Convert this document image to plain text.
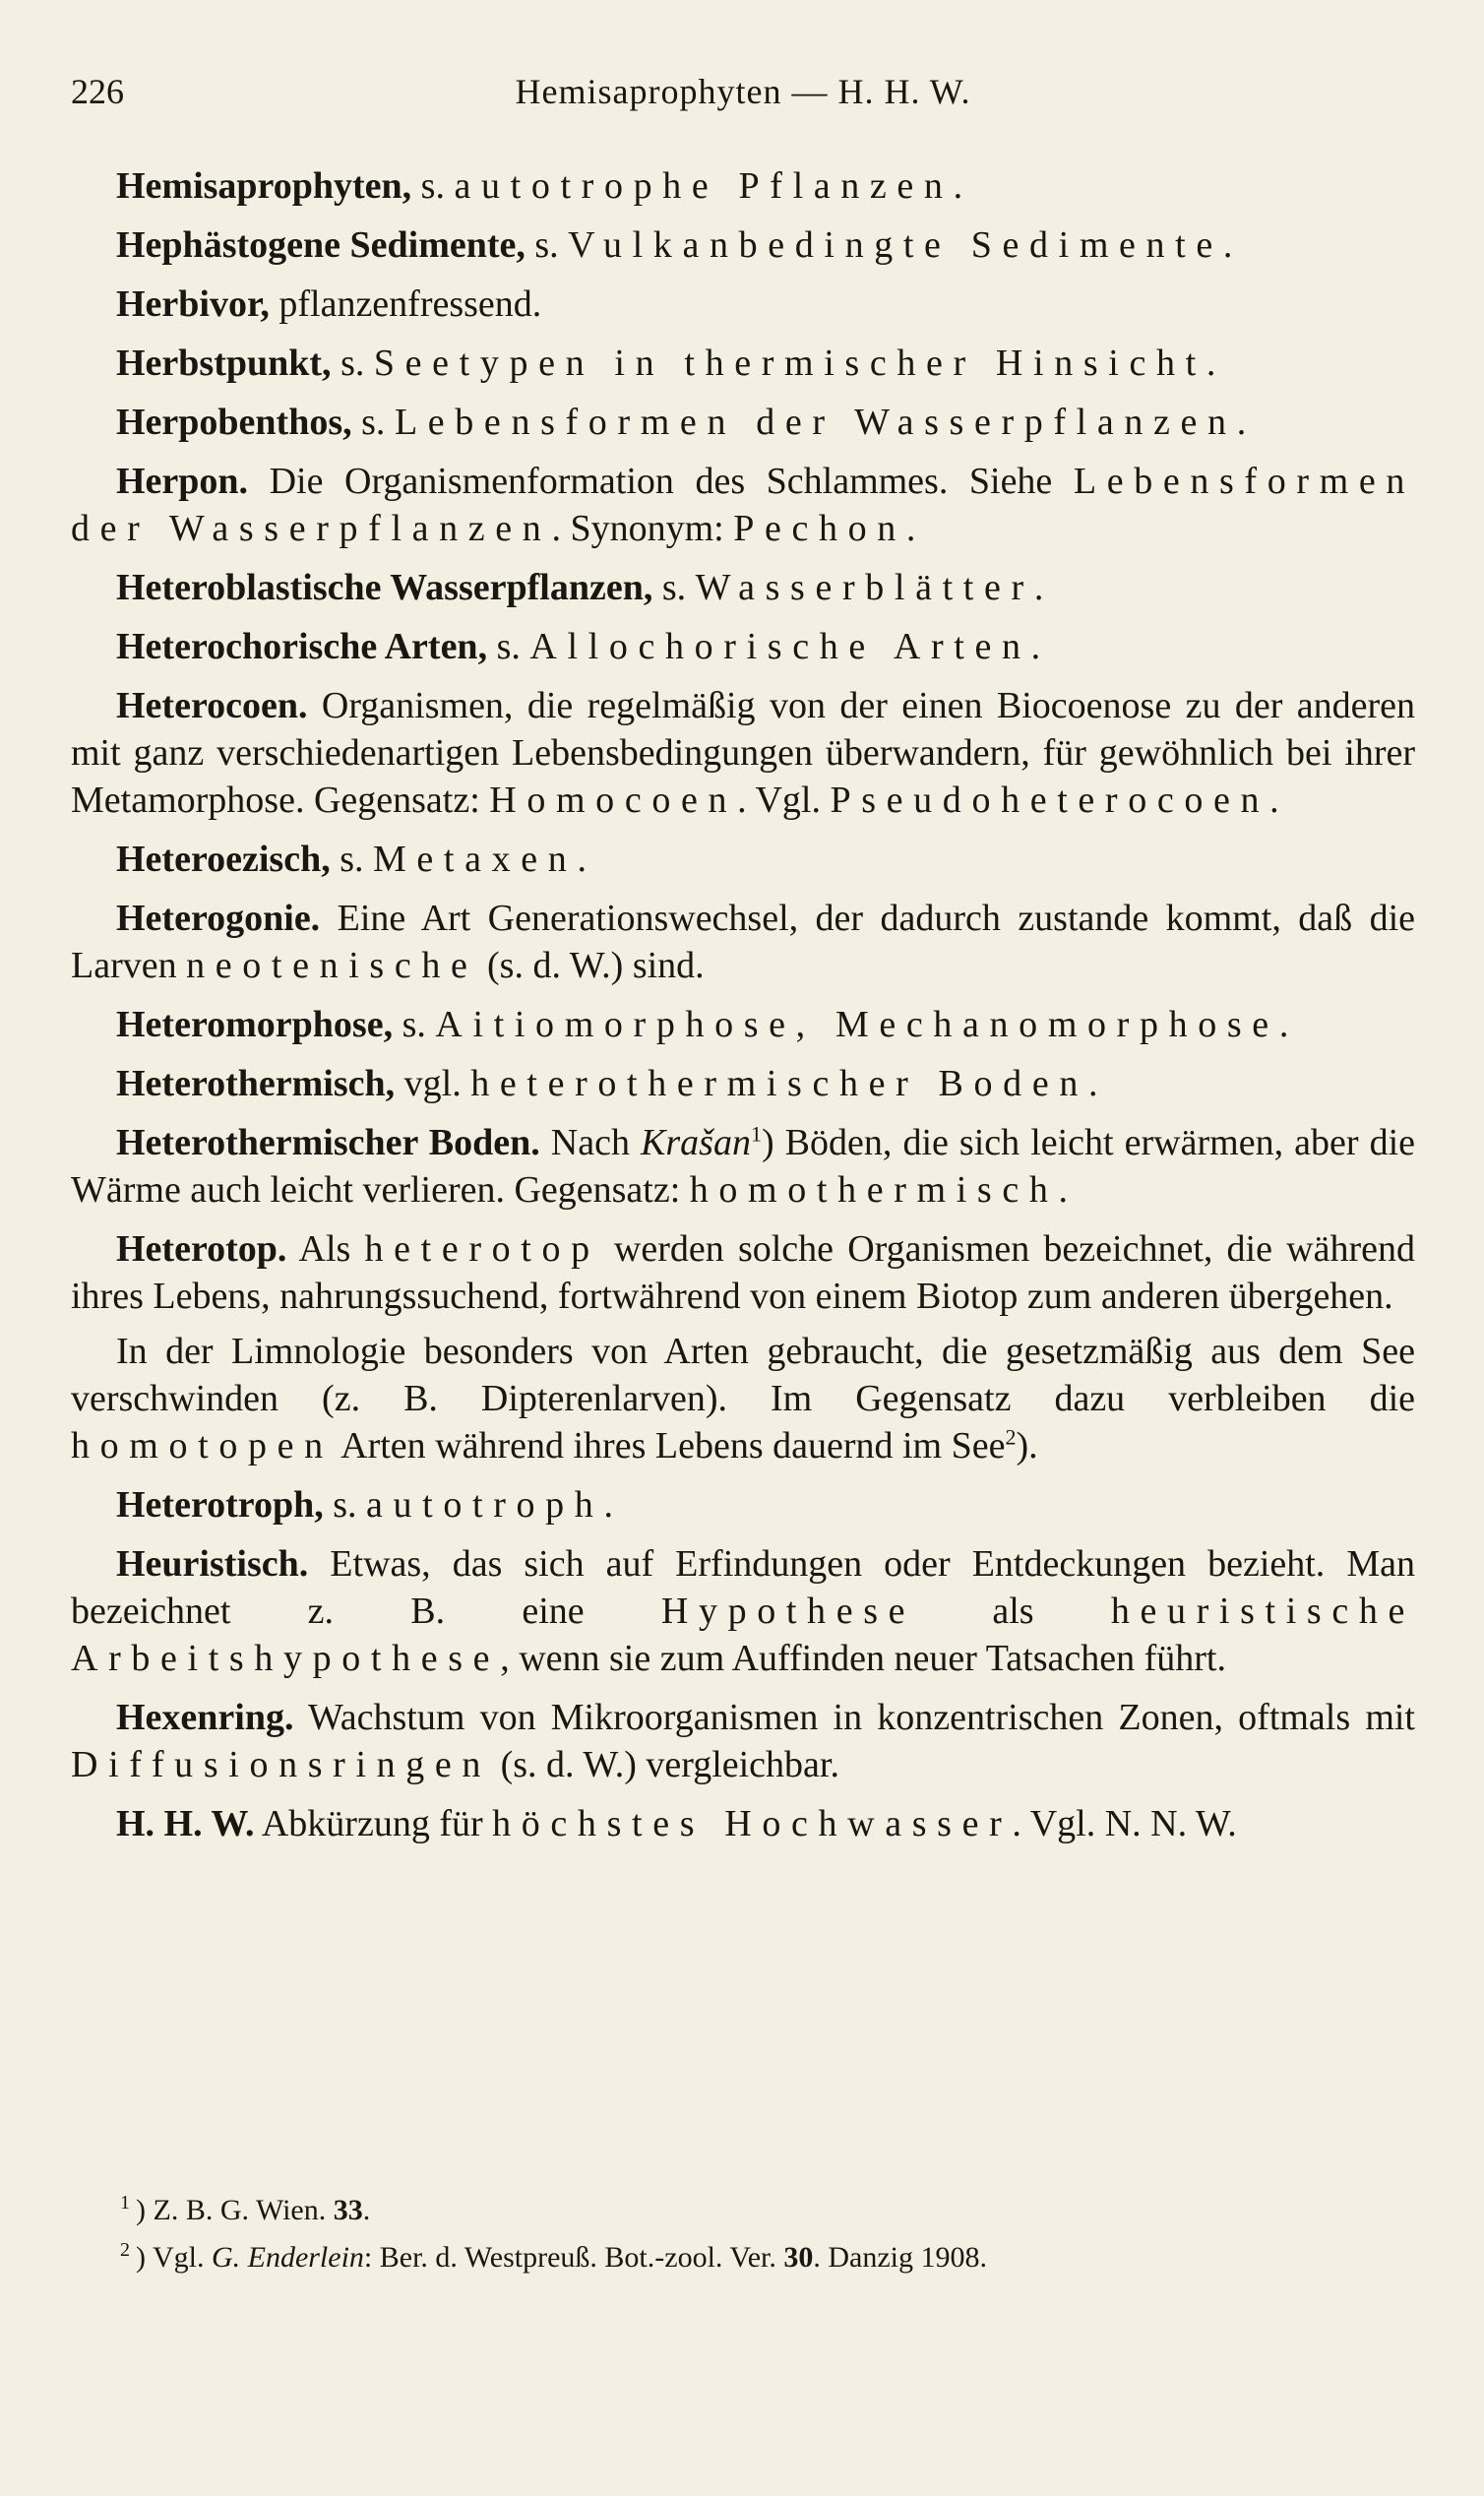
226	Hemisaprophyten — H. H. W.

Hemisaprophyten, s. autotrophe Pflanzen.

Hephästogene Sedimente, s. Vulkanbedingte Sedimente.

Herbivor, pflanzenfressend.

Herbstpunkt, s. Seetypen in thermischer Hinsicht.

Herpobenthos, s. Lebensformen der Wasserpflanzen.

Herpon. Die Organismenformation des Schlammes. Siehe Lebensformen der Wasserpflanzen. Synonym: Pechon.

Heteroblastische Wasserpflanzen, s. Wasserblätter.

Heterochorische Arten, s. Allochorische Arten.

Heterocoen. Organismen, die regelmäßig von der einen Biocoenose zu der anderen mit ganz verschiedenartigen Lebensbedingungen überwandern, für gewöhnlich bei ihrer Metamorphose. Gegensatz: Homocoen. Vgl. Pseudoheterocoen.

Heteroezisch, s. Metaxen.

Heterogonie. Eine Art Generationswechsel, der dadurch zustande kommt, daß die Larven neotenische (s. d. W.) sind.

Heteromorphose, s. Aitiomorphose, Mechanomorphose.

Heterothermisch, vgl. heterothermischer Boden.

Heterothermischer Boden. Nach Krašan$^1$) Böden, die sich leicht erwärmen, aber die Wärme auch leicht verlieren. Gegensatz: homothermisch.

Heterotop. Als heterotop werden solche Organismen bezeichnet, die während ihres Lebens, nahrungssuchend, fortwährend von einem Biotop zum anderen übergehen.

In der Limnologie besonders von Arten gebraucht, die gesetzmäßig aus dem See verschwinden (z. B. Dipterenlarven). Im Gegensatz dazu verbleiben die homotopen Arten während ihres Lebens dauernd im See$^2$).

Heterotroph, s. autotroph.

Heuristisch. Etwas, das sich auf Erfindungen oder Entdeckungen bezieht. Man bezeichnet z. B. eine Hypothese als heuristische Arbeitshypothese, wenn sie zum Auffinden neuer Tatsachen führt.

Hexenring. Wachstum von Mikroorganismen in konzentrischen Zonen, oftmals mit Diffusionsringen (s. d. W.) vergleichbar.

H. H. W. Abkürzung für höchstes Hochwasser. Vgl. N. N. W.

$^1$ ) Z. B. G. Wien. 33.

$^2$ ) Vgl. G. Enderlein: Ber. d. Westpreuß. Bot.-zool. Ver. 30. Danzig 1908.
